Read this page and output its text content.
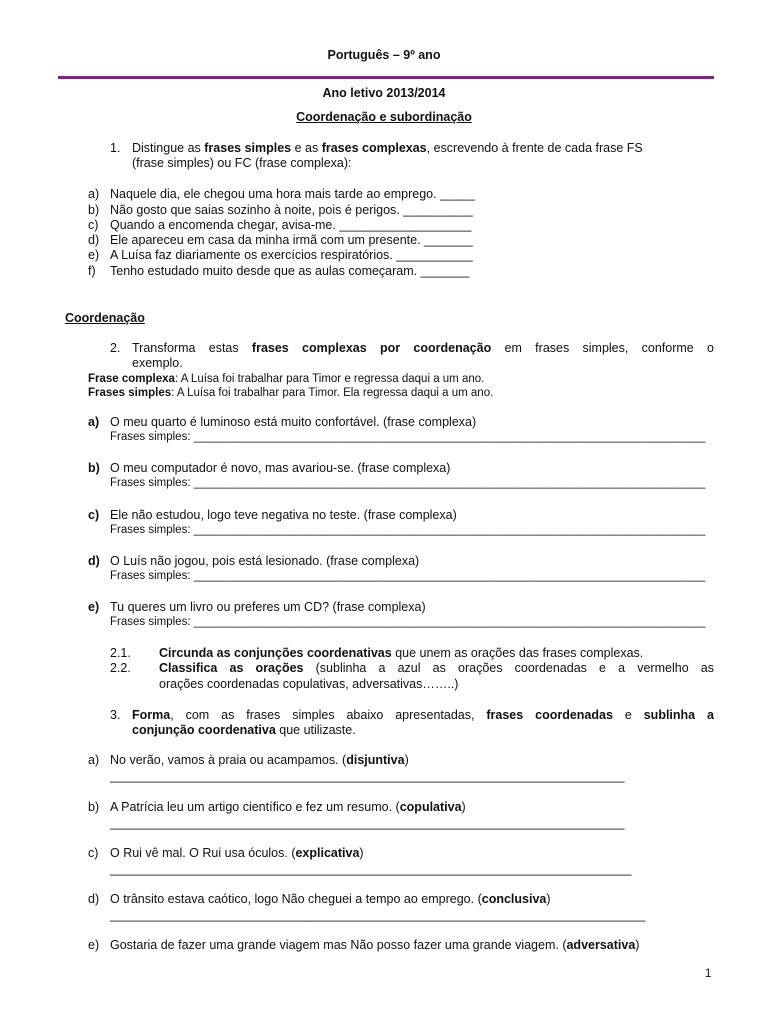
Português – 9º ano
Ano letivo 2013/2014
Coordenação e subordinação
1. Distingue as frases simples e as frases complexas, escrevendo à frente de cada frase FS
(frase simples) ou FC (frase complexa):
a) Naquele dia, ele chegou uma hora mais tarde ao emprego. _____
b) Não gosto que saias sozinho à noite, pois é perigos. __________
c) Quando a encomenda chegar, avisa-me. ___________________
d) Ele apareceu em casa da minha irmã com um presente. _______
e) A Luísa faz diariamente os exercícios respiratórios. ___________
f) Tenho estudado muito desde que as aulas começaram. _______
Coordenação
2. Transforma estas frases complexas por coordenação em frases simples, conforme o
exemplo.
Frase complexa: A Luísa foi trabalhar para Timor e regressa daqui a um ano.
Frases simples: A Luísa foi trabalhar para Timor. Ela regressa daqui a um ano.
a) O meu quarto é luminoso está muito confortável. (frase complexa)
Frases simples: ________________________________________________________________________________
b) O meu computador é novo, mas avariou-se. (frase complexa)
Frases simples: ________________________________________________________________________________
c) Ele não estudou, logo teve negativa no teste. (frase complexa)
Frases simples: ________________________________________________________________________________
d) O Luís não jogou, pois está lesionado. (frase complexa)
Frases simples: ________________________________________________________________________________
e) Tu queres um livro ou preferes um CD? (frase complexa)
Frases simples: ________________________________________________________________________________
2.1. Circunda as conjunções coordenativas que unem as orações das frases complexas.
2.2. Classifica as orações (sublinha a azul as orações coordenadas e a vermelho as
orações coordenadas copulativas, adversativas……..)
3. Forma, com as frases simples abaixo apresentadas, frases coordenadas e sublinha a
conjunção coordenativa que utilizaste.
a) No verão, vamos à praia ou acampamos. (disjuntiva)
__________________________________________________________________________
b) A Patrícia leu um artigo científico e fez um resumo. (copulativa)
__________________________________________________________________________
c) O Rui vê mal. O Rui usa óculos. (explicativa)
___________________________________________________________________________
d) O trânsito estava caótico, logo Não cheguei a tempo ao emprego. (conclusiva)
_____________________________________________________________________________
e) Gostaria de fazer uma grande viagem mas Não posso fazer uma grande viagem. (adversativa)
1
